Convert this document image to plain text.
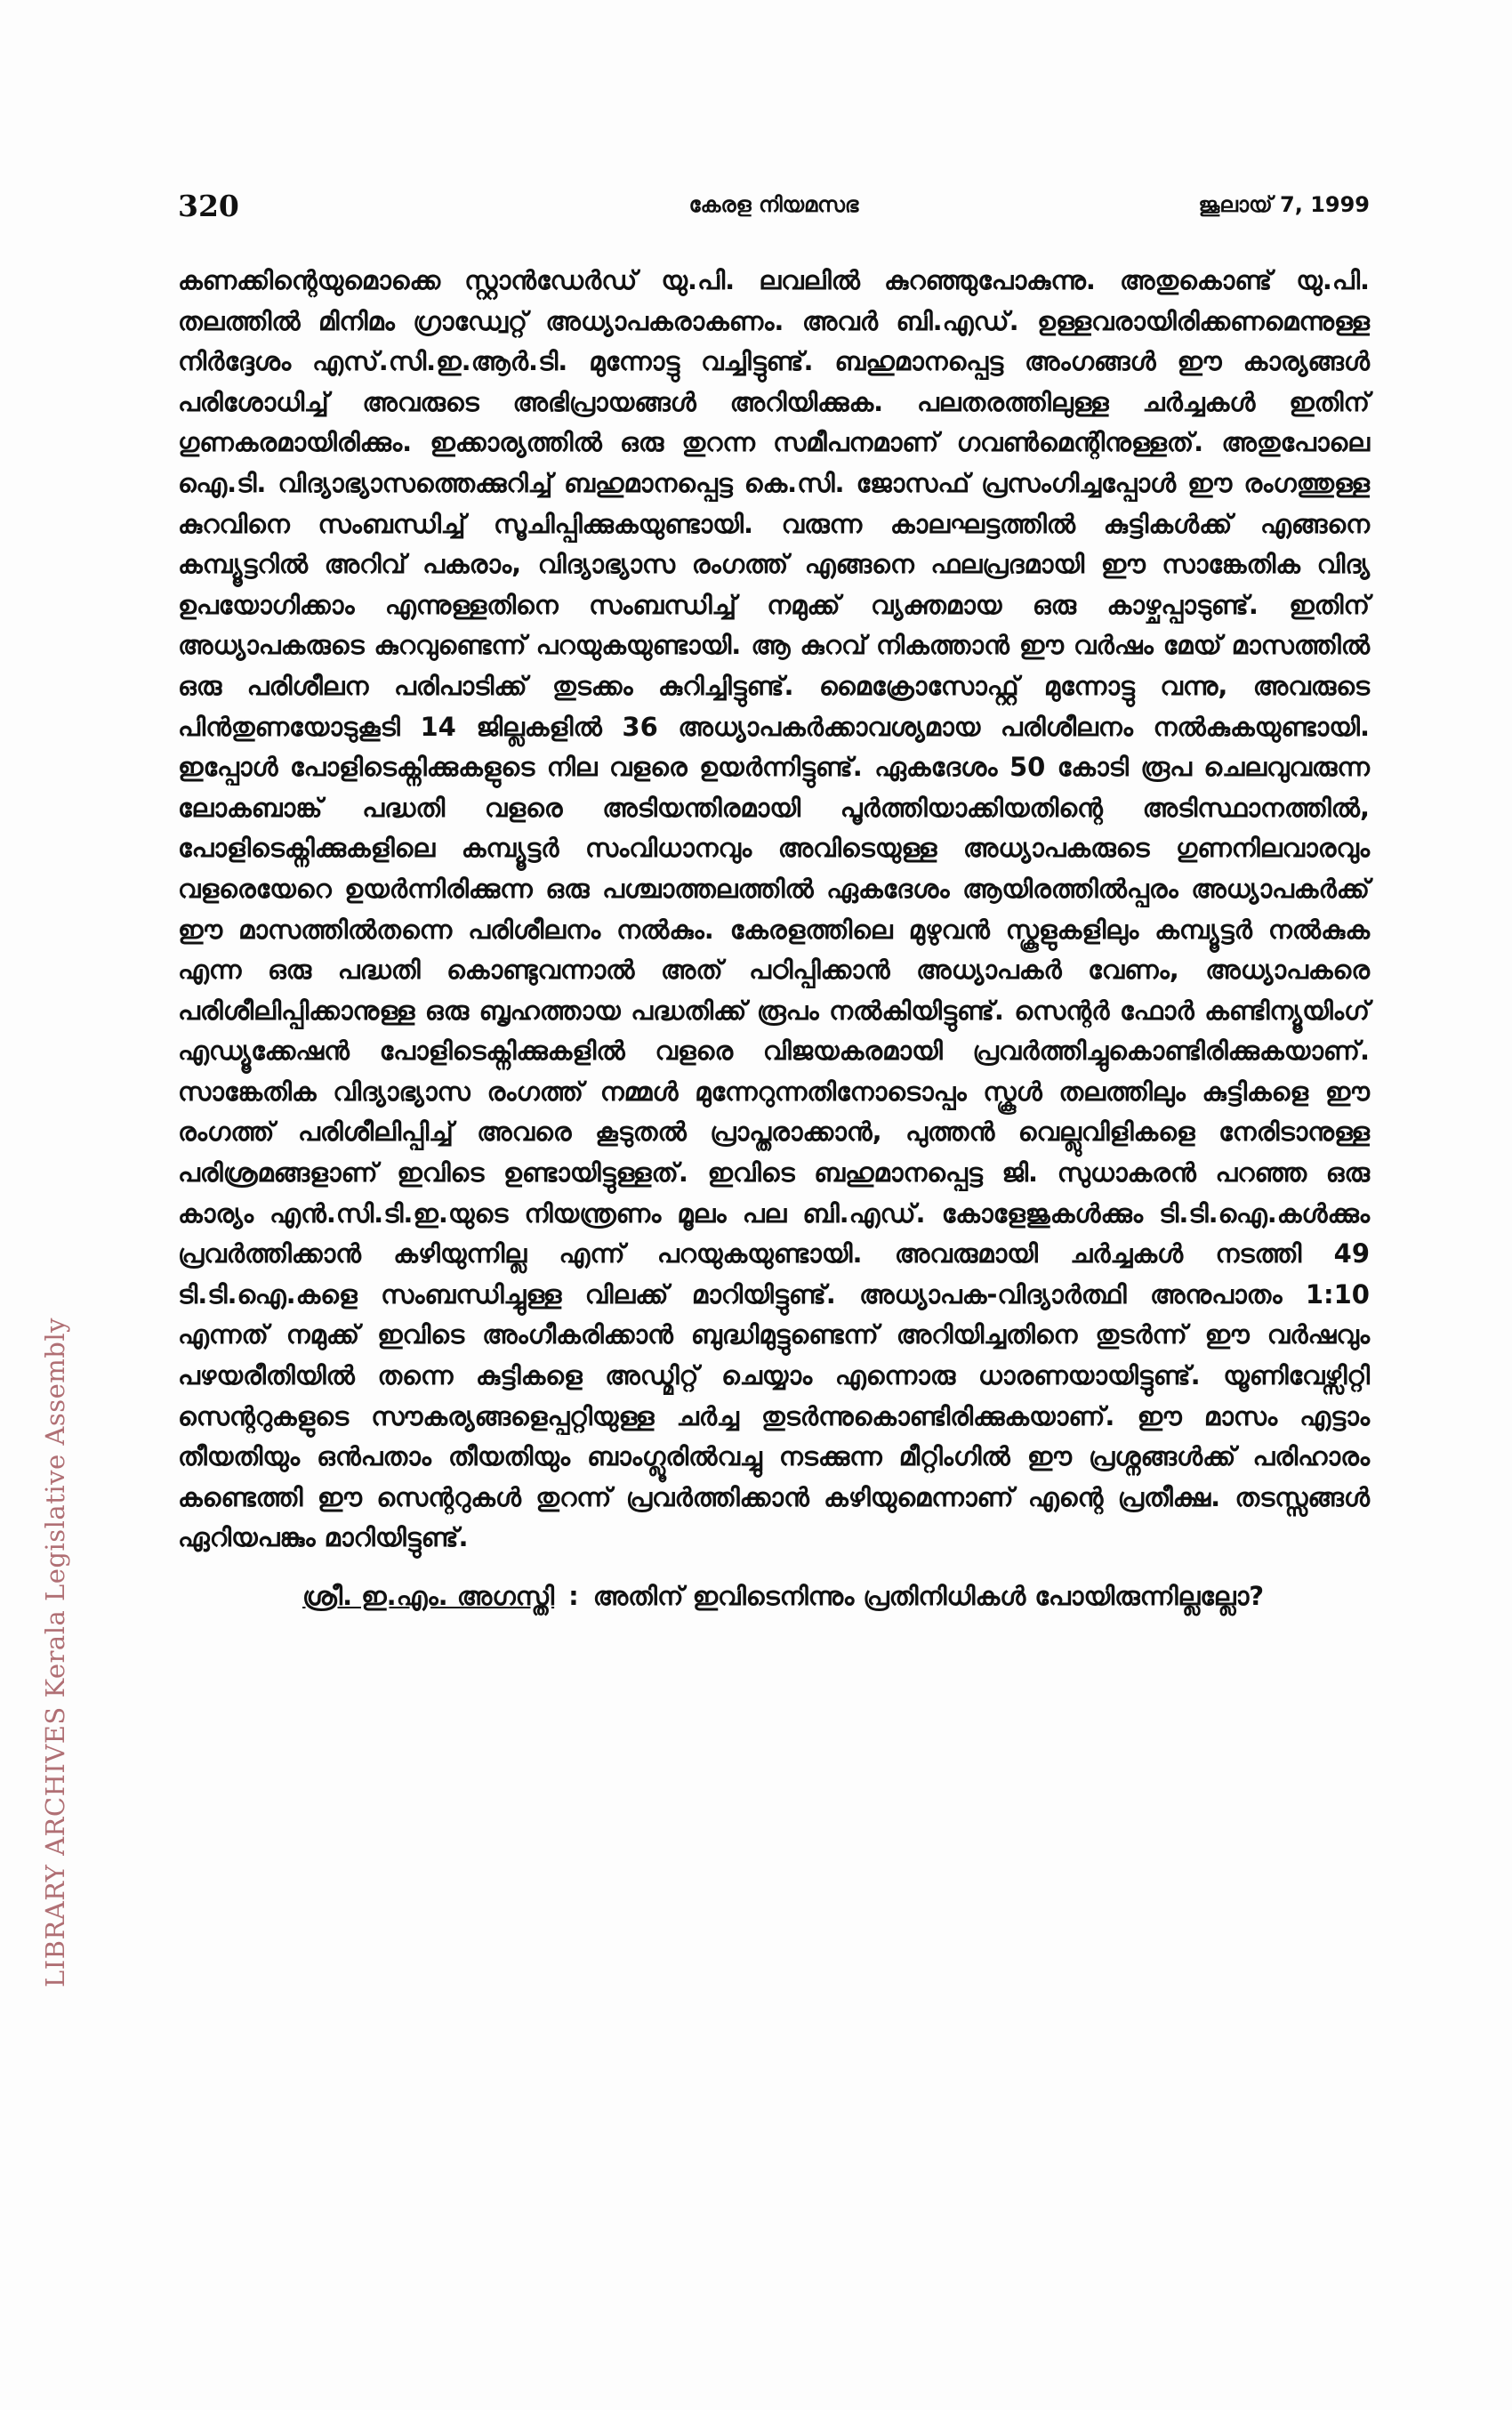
320	കേരള നിയമസഭ	ജൂലായ് 7, 1999
LIBRARY ARCHIVES Kerala Legislative Assembly

കണക്കിന്റെയുമൊക്കെ സ്റ്റാൻഡേർഡ് യു.പി. ലവലിൽ കുറഞ്ഞുപോകുന്നു. അതുകൊണ്ട് യു.പി. തലത്തിൽ മിനിമം ഗ്രാഡ്വേറ്റ് അധ്യാപകരാകണം. അവർ ബി.എഡ്. ഉള്ളവരായിരിക്കണമെന്നുള്ള നിർദ്ദേശം എസ്.സി.ഇ.ആർ.ടി. മുന്നോട്ടു വച്ചിട്ടുണ്ട്. ബഹുമാനപ്പെട്ട അംഗങ്ങൾ ഈ കാര്യങ്ങൾ പരിശോധിച്ച് അവരുടെ അഭിപ്രായങ്ങൾ അറിയിക്കുക. പലതരത്തിലുള്ള ചർച്ചകൾ ഇതിന് ഗുണകരമായിരിക്കും. ഇക്കാര്യത്തിൽ ഒരു തുറന്ന സമീപനമാണ് ഗവൺമെന്റിനുള്ളത്. അതുപോലെ ഐ.ടി. വിദ്യാഭ്യാസത്തെക്കുറിച്ച് ബഹുമാനപ്പെട്ട കെ.സി. ജോസഫ് പ്രസംഗിച്ചപ്പോൾ ഈ രംഗത്തുള്ള കുറവിനെ സംബന്ധിച്ച് സൂചിപ്പിക്കുകയുണ്ടായി. വരുന്ന കാലഘട്ടത്തിൽ കുട്ടികൾക്ക് എങ്ങനെ കമ്പ്യൂട്ടറിൽ അറിവ് പകരാം, വിദ്യാഭ്യാസ രംഗത്ത് എങ്ങനെ ഫലപ്രദമായി ഈ സാങ്കേതിക വിദ്യ ഉപയോഗിക്കാം എന്നുള്ളതിനെ സംബന്ധിച്ച് നമുക്ക് വ്യക്തമായ ഒരു കാഴ്ചപ്പാടുണ്ട്. ഇതിന് അധ്യാപകരുടെ കുറവുണ്ടെന്ന് പറയുകയുണ്ടായി. ആ കുറവ് നികത്താൻ ഈ വർഷം മേയ് മാസത്തിൽ ഒരു പരിശീലന പരിപാടിക്ക് തുടക്കം കുറിച്ചിട്ടുണ്ട്. മൈക്രോസോഫ്റ്റ് മുന്നോട്ടു വന്നു, അവരുടെ പിൻതുണയോടുകൂടി 14 ജില്ലകളിൽ 36 അധ്യാപകർക്കാവശ്യമായ പരിശീലനം നൽകുകയുണ്ടായി. ഇപ്പോൾ പോളിടെക്നിക്കുകളുടെ നില വളരെ ഉയർന്നിട്ടുണ്ട്. ഏകദേശം 50 കോടി രൂപ ചെലവുവരുന്ന ലോകബാങ്ക് പദ്ധതി വളരെ അടിയന്തിരമായി പൂർത്തിയാക്കിയതിന്റെ അടിസ്ഥാനത്തിൽ, പോളിടെക്നിക്കുകളിലെ കമ്പ്യൂട്ടർ സംവിധാനവും അവിടെയുള്ള അധ്യാപകരുടെ ഗുണനിലവാരവും വളരെയേറെ ഉയർന്നിരിക്കുന്ന ഒരു പശ്ചാത്തലത്തിൽ ഏകദേശം ആയിരത്തിൽപ്പരം അധ്യാപകർക്ക് ഈ മാസത്തിൽതന്നെ പരിശീലനം നൽകും. കേരളത്തിലെ മുഴുവൻ സ്കൂളുകളിലും കമ്പ്യൂട്ടർ നൽകുക എന്ന ഒരു പദ്ധതി കൊണ്ടുവന്നാൽ അത് പഠിപ്പിക്കാൻ അധ്യാപകർ വേണം, അധ്യാപകരെ പരിശീലിപ്പിക്കാനുള്ള ഒരു ബൃഹത്തായ പദ്ധതിക്ക് രൂപം നൽകിയിട്ടുണ്ട്. സെന്റർ ഫോർ കണ്ടിന്യൂയിംഗ് എഡ്യൂക്കേഷൻ പോളിടെക്നിക്കുകളിൽ വളരെ വിജയകരമായി പ്രവർത്തിച്ചുകൊണ്ടിരിക്കുകയാണ്. സാങ്കേതിക വിദ്യാഭ്യാസ രംഗത്ത് നമ്മൾ മുന്നേറുന്നതിനോടൊപ്പം സ്കൂൾ തലത്തിലും കുട്ടികളെ ഈ രംഗത്ത് പരിശീലിപ്പിച്ച് അവരെ കൂടുതൽ പ്രാപ്തരാക്കാൻ, പുത്തൻ വെല്ലുവിളികളെ നേരിടാനുള്ള പരിശ്രമങ്ങളാണ് ഇവിടെ ഉണ്ടായിട്ടുള്ളത്. ഇവിടെ ബഹുമാനപ്പെട്ട ജി. സുധാകരൻ പറഞ്ഞ ഒരു കാര്യം എൻ.സി.ടി.ഇ.യുടെ നിയന്ത്രണം മൂലം പല ബി.എഡ്. കോളേജുകൾക്കും ടി.ടി.ഐ.കൾക്കും പ്രവർത്തിക്കാൻ കഴിയുന്നില്ല എന്ന് പറയുകയുണ്ടായി. അവരുമായി ചർച്ചകൾ നടത്തി 49 ടി.ടി.ഐ.കളെ സംബന്ധിച്ചുള്ള വിലക്ക് മാറിയിട്ടുണ്ട്. അധ്യാപക-വിദ്യാർത്ഥി അനുപാതം 1:10 എന്നത് നമുക്ക് ഇവിടെ അംഗീകരിക്കാൻ ബുദ്ധിമുട്ടുണ്ടെന്ന് അറിയിച്ചതിനെ തുടർന്ന് ഈ വർഷവും പഴയരീതിയിൽ തന്നെ കുട്ടികളെ അഡ്മിറ്റ് ചെയ്യാം എന്നൊരു ധാരണയായിട്ടുണ്ട്. യൂണിവേഴ്സിറ്റി സെന്ററുകളുടെ സൗകര്യങ്ങളെപ്പറ്റിയുള്ള ചർച്ച തുടർന്നുകൊണ്ടിരിക്കുകയാണ്. ഈ മാസം എട്ടാം തീയതിയും ഒൻപതാം തീയതിയും ബാംഗ്ലൂരിൽവച്ചു നടക്കുന്ന മീറ്റിംഗിൽ ഈ പ്രശ്നങ്ങൾക്ക് പരിഹാരം കണ്ടെത്തി ഈ സെന്ററുകൾ തുറന്ന് പ്രവർത്തിക്കാൻ കഴിയുമെന്നാണ് എന്റെ പ്രതീക്ഷ. തടസ്സങ്ങൾ ഏറിയപങ്കും മാറിയിട്ടുണ്ട്.

ശ്രീ. ഇ.എം. അഗസ്തി : അതിന് ഇവിടെനിന്നും പ്രതിനിധികൾ പോയിരുന്നില്ലല്ലോ?
